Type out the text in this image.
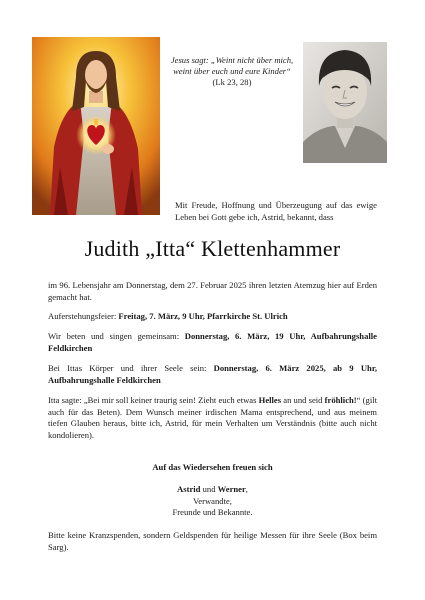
Jesus sagt: „Weint nicht über mich, weint über euch und eure Kinder“ (Lk 23, 28)
Mit Freude, Hoffnung und Überzeugung auf das ewige Leben bei Gott gebe ich, Astrid, bekannt, dass
Judith „Itta“ Klettenhammer
im 96. Lebensjahr am Donnerstag, dem 27. Februar 2025 ihren letzten Atemzug hier auf Erden gemacht hat.
Auferstehungsfeier: Freitag, 7. März, 9 Uhr, Pfarrkirche St. Ulrich
Wir beten und singen gemeinsam: Donnerstag, 6. März, 19 Uhr, Aufbahrungshalle Feldkirchen
Bei Ittas Körper und ihrer Seele sein: Donnerstag, 6. März 2025, ab 9 Uhr, Aufbahrungshalle Feldkirchen
Itta sagte: „Bei mir soll keiner traurig sein! Zieht euch etwas Helles an und seid fröhlich!“ (gilt auch für das Beten). Dem Wunsch meiner irdischen Mama entsprechend, und aus meinem tiefen Glauben heraus, bitte ich, Astrid, für mein Verhalten um Verständnis (bitte auch nicht kondolieren).
Auf das Wiedersehen freuen sich
Astrid und Werner,
Verwandte,
Freunde und Bekannte.
Bitte keine Kranzspenden, sondern Geldspenden für heilige Messen für ihre Seele (Box beim Sarg).
